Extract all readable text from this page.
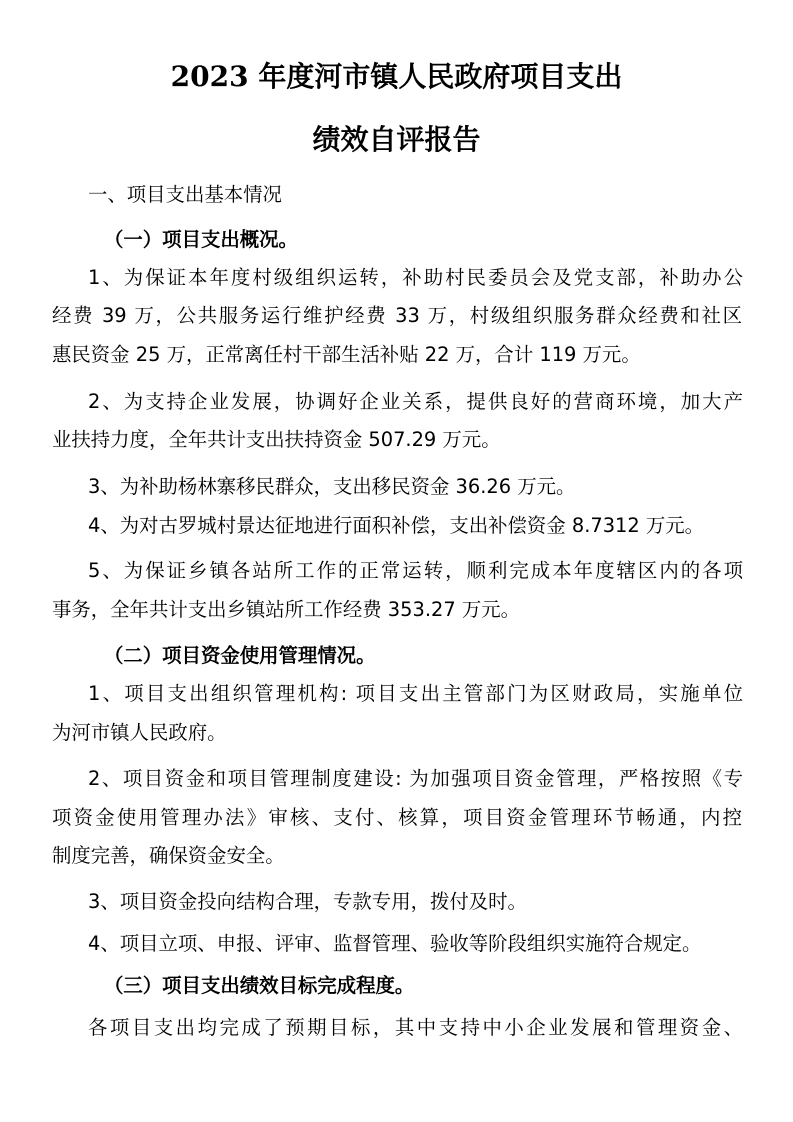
2023 年度河市镇人民政府项目支出
绩效自评报告
一、项目支出基本情况
（一）项目支出概况。
1、为保证本年度村级组织运转，补助村民委员会及党支部，补助办公
经费 39 万，公共服务运行维护经费 33 万，村级组织服务群众经费和社区
惠民资金 25 万，正常离任村干部生活补贴 22 万，合计 119 万元。
2、为支持企业发展，协调好企业关系，提供良好的营商环境，加大产
业扶持力度，全年共计支出扶持资金 507.29 万元。
3、为补助杨林寨移民群众，支出移民资金 36.26 万元。
4、为对古罗城村景达征地进行面积补偿，支出补偿资金 8.7312 万元。
5、为保证乡镇各站所工作的正常运转，顺利完成本年度辖区内的各项
事务，全年共计支出乡镇站所工作经费 353.27 万元。
（二）项目资金使用管理情况。
1、项目支出组织管理机构: 项目支出主管部门为区财政局，实施单位
为河市镇人民政府。
2、项目资金和项目管理制度建设: 为加强项目资金管理，严格按照《专
项资金使用管理办法》审核、支付、核算，项目资金管理环节畅通，内控
制度完善，确保资金安全。
3、项目资金投向结构合理，专款专用，拨付及时。
4、项目立项、申报、评审、监督管理、验收等阶段组织实施符合规定。
（三）项目支出绩效目标完成程度。
各项目支出均完成了预期目标，其中支持中小企业发展和管理资金、
